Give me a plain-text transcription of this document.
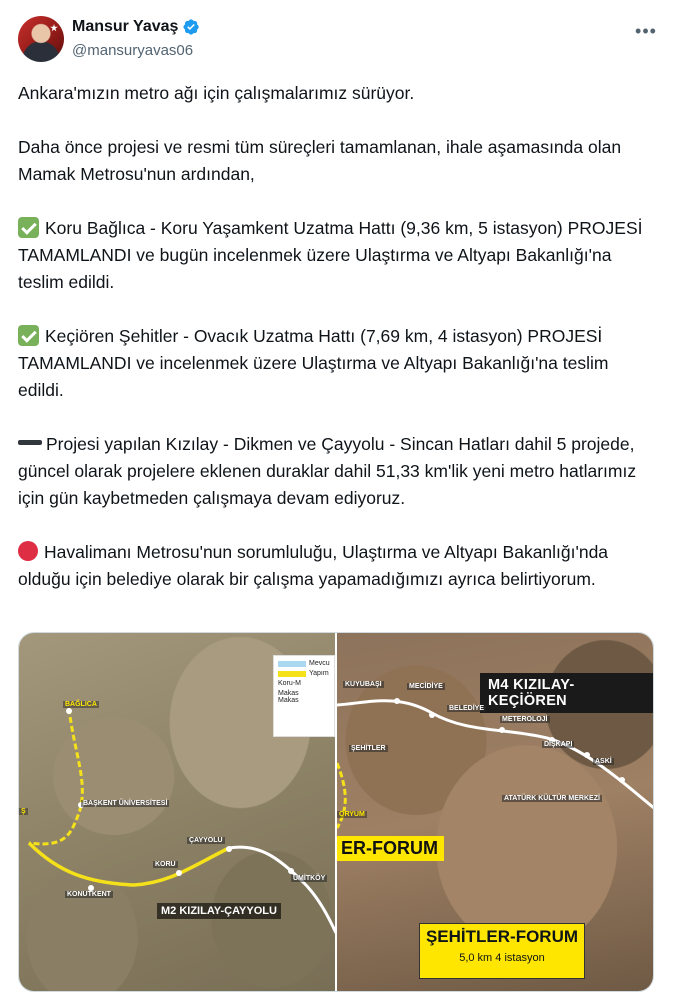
Mansur Yavaş
@mansuryavas06
•••

Ankara'mızın metro ağı için çalışmalarımız sürüyor.

Daha önce projesi ve resmi tüm süreçleri tamamlanan, ihale aşamasında olan Mamak Metrosu'nun ardından,

Koru Bağlıca - Koru Yaşamkent Uzatma Hattı (9,36 km, 5 istasyon) PROJESİ TAMAMLANDI ve bugün incelenmek üzere Ulaştırma ve Altyapı Bakanlığı'na teslim edildi.

Keçiören Şehitler - Ovacık Uzatma Hattı (7,69 km, 4 istasyon) PROJESİ TAMAMLANDI ve incelenmek üzere Ulaştırma ve Altyapı Bakanlığı'na teslim edildi.

Projesi yapılan Kızılay - Dikmen ve Çayyolu - Sincan Hatları dahil 5 projede, güncel olarak projelere eklenen duraklar dahil 51,33 km'lik yeni metro hatlarımız için gün kaybetmeden çalışmaya devam ediyoruz.

Havalimanı Metrosu'nun sorumluluğu, Ulaştırma ve Altyapı Bakanlığı'nda olduğu için belediye olarak bir çalışma yapamadığımızı ayrıca belirtiyorum.

Mevcu
Yapım
Koru-M
Makas
Makas
BAĞLICA
BAŞKENT ÜNİVERSİTESİ
KONUTKENT
KORU
ÇAYYOLU
ÜMİTKÖY
Ş
M2 KIZILAY-ÇAYYOLU
M4 KIZILAY-KEÇİÖREN
KUYUBAŞI	MECİDİYE
BELEDİYE
METEROLOJİ
DIŞKAPI
ŞEHİTLER
ASKİ
ATATÜRK KÜLTÜR MERKEZİ
ORYUM
ER-FORUM
ŞEHİTLER-FORUM
5,0 km 4 istasyon
